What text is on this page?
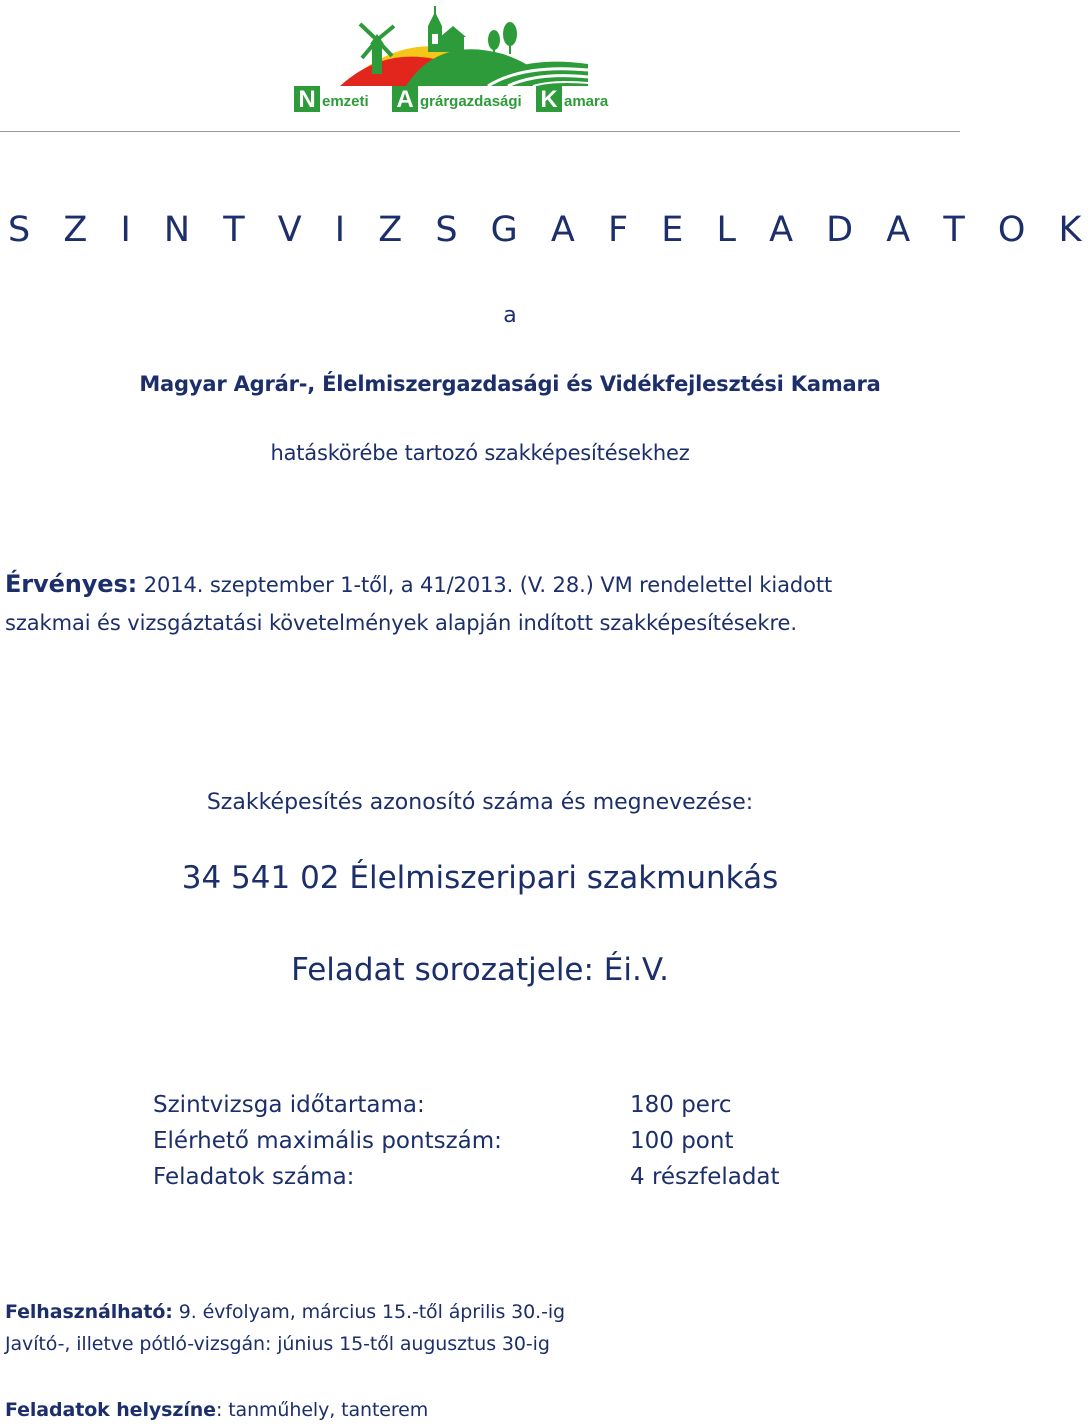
N emzeti A grárgazdasági K amara
S Z I N T V I Z S G A F E L A D A T O K
a
Magyar Agrár-, Élelmiszergazdasági és Vidékfejlesztési Kamara
hatáskörébe tartozó szakképesítésekhez
Érvényes: 2014. szeptember 1-től, a 41/2013. (V. 28.) VM rendelettel kiadott
szakmai és vizsgáztatási követelmények alapján indított szakképesítésekre.
Szakképesítés azonosító száma és megnevezése:
34 541 02 Élelmiszeripari szakmunkás
Feladat sorozatjele: Éi.V.
Szintvizsga időtartama:	180 perc
Elérhető maximális pontszám:	100 pont
Feladatok száma:	4 részfeladat
Felhasználható: 9. évfolyam, március 15.-től április 30.-ig
Javító-, illetve pótló-vizsgán: június 15-től augusztus 30-ig
Feladatok helyszíne: tanműhely, tanterem
